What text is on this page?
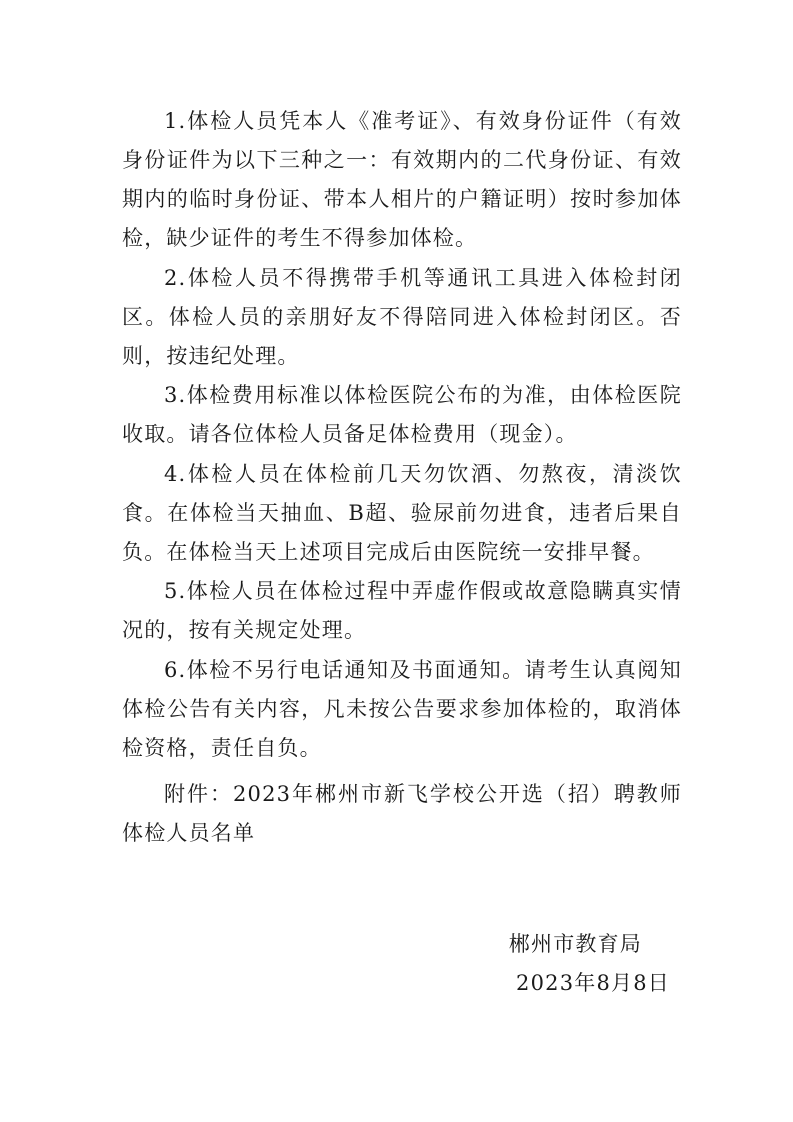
1.体检人员凭本人《准考证》、有效身份证件（有效身份证件为以下三种之一：有效期内的二代身份证、有效期内的临时身份证、带本人相片的户籍证明）按时参加体检，缺少证件的考生不得参加体检。

2.体检人员不得携带手机等通讯工具进入体检封闭区。体检人员的亲朋好友不得陪同进入体检封闭区。否则，按违纪处理。

3.体检费用标准以体检医院公布的为准，由体检医院收取。请各位体检人员备足体检费用（现金）。

4.体检人员在体检前几天勿饮酒、勿熬夜，清淡饮食。在体检当天抽血、B超、验尿前勿进食，违者后果自负。在体检当天上述项目完成后由医院统一安排早餐。

5.体检人员在体检过程中弄虚作假或故意隐瞒真实情况的，按有关规定处理。

6.体检不另行电话通知及书面通知。请考生认真阅知体检公告有关内容，凡未按公告要求参加体检的，取消体检资格，责任自负。

附件：2023年郴州市新飞学校公开选（招）聘教师体检人员名单

郴州市教育局
2023年8月8日
